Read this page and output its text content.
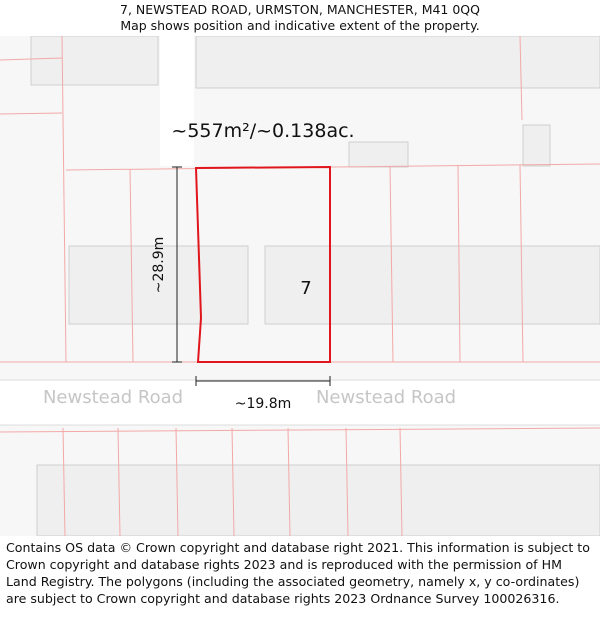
7, NEWSTEAD ROAD, URMSTON, MANCHESTER, M41 0QQ
Map shows position and indicative extent of the property.
~557m²/~0.138ac.
7
~28.9m
~19.8m
Newstead Road	Newstead Road
Contains OS data © Crown copyright and database right 2021. This information is subject to Crown copyright and database rights 2023 and is reproduced with the permission of HM Land Registry. The polygons (including the associated geometry, namely x, y co-ordinates) are subject to Crown copyright and database rights 2023 Ordnance Survey 100026316.
